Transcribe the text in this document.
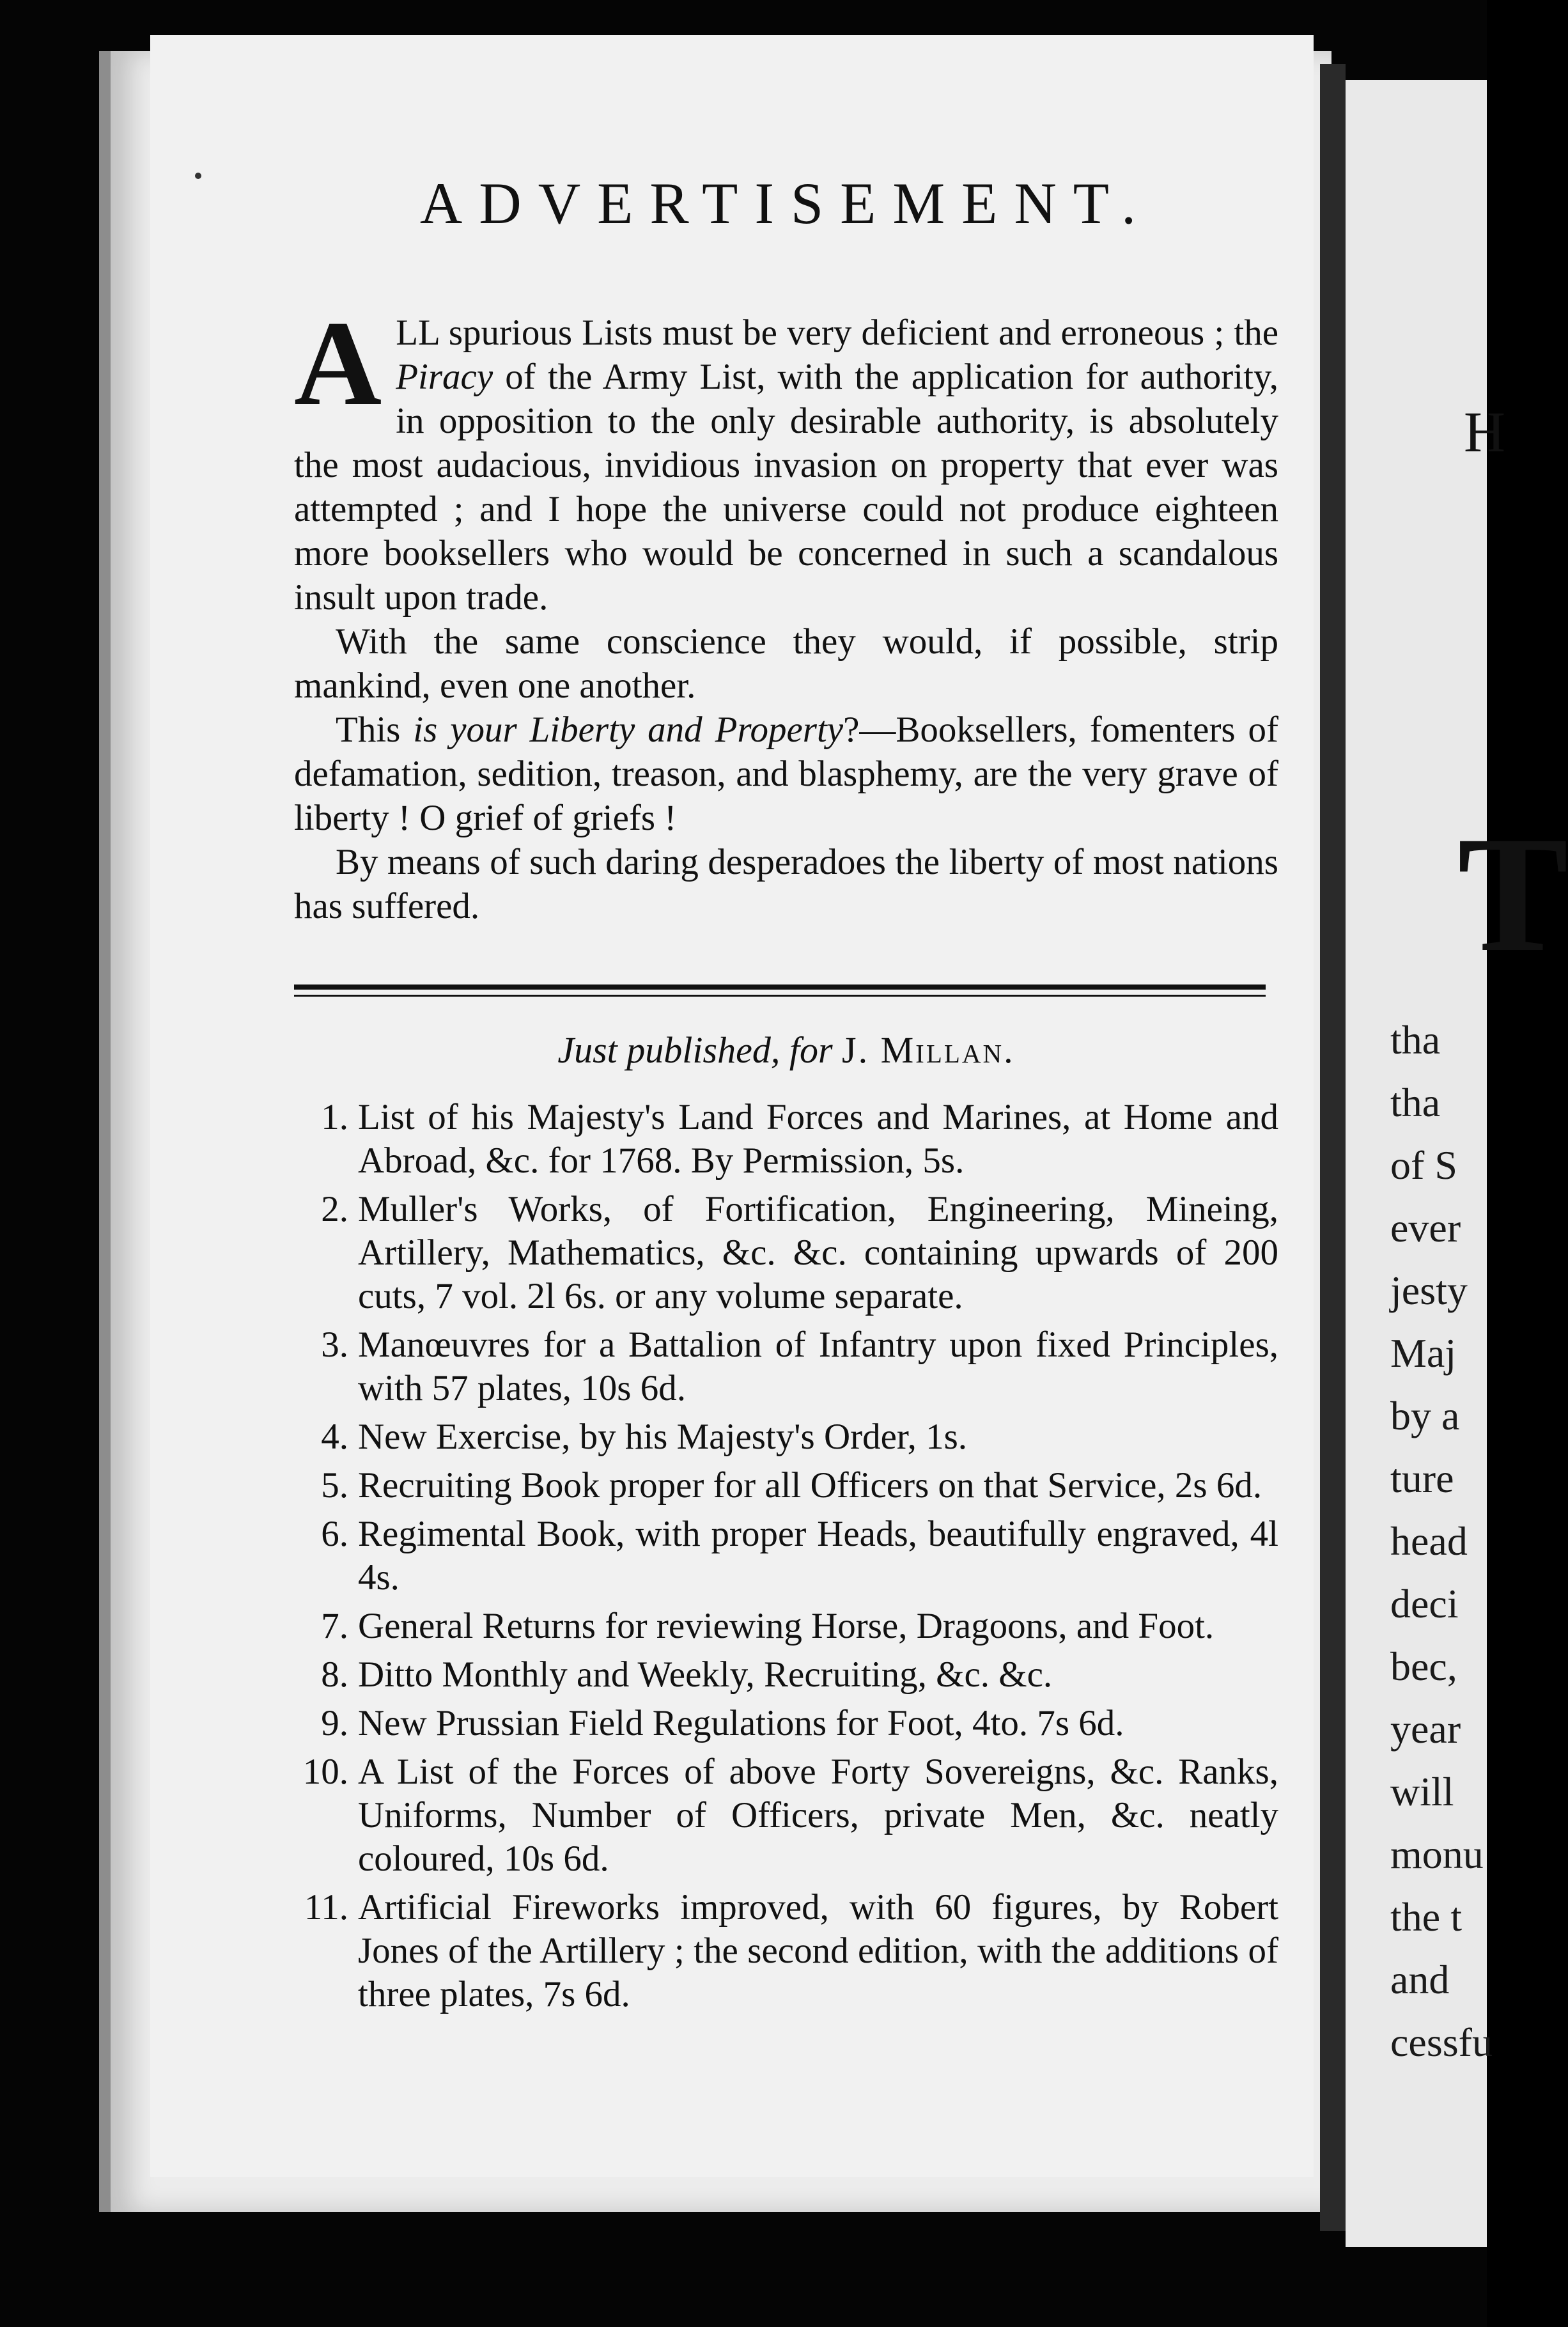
H
T
tha
tha
of S
ever
jesty
Maj
by a
ture
head
deci
bec,
year
will
monu
the t
and
cessfu
ADVERTISEMENT.

ALL spurious Lists must be very deficient and erroneous ; the Piracy of the Army List, with the application for authority, in opposition to the only desirable authority, is absolutely the most audacious, invidious invasion on property that ever was attempted ; and I hope the universe could not produce eighteen more booksellers who would be concerned in such a scandalous insult upon trade.

With the same conscience they would, if possible, strip mankind, even one another.

This is your Liberty and Property?—Booksellers, fomenters of defamation, sedition, treason, and blasphemy, are the very grave of liberty ! O grief of griefs !

By means of such daring desperadoes the liberty of most nations has suffered.

Just published, for J. Millan.
1. List of his Majesty's Land Forces and Marines, at Home and Abroad, &c. for 1768. By Permission, 5s.
2. Muller's Works, of Fortification, Engineering, Mineing, Artillery, Mathematics, &c. &c. containing upwards of 200 cuts, 7 vol. 2l 6s. or any volume separate.
3. Manœuvres for a Battalion of Infantry upon fixed Principles, with 57 plates, 10s 6d.
4. New Exercise, by his Majesty's Order, 1s.
5. Recruiting Book proper for all Officers on that Service, 2s 6d.
6. Regimental Book, with proper Heads, beautifully engraved, 4l 4s.
7. General Returns for reviewing Horse, Dragoons, and Foot.
8. Ditto Monthly and Weekly, Recruiting, &c. &c.
9. New Prussian Field Regulations for Foot, 4to. 7s 6d.
10. A List of the Forces of above Forty Sovereigns, &c. Ranks, Uniforms, Number of Officers, private Men, &c. neatly coloured, 10s 6d.
11. Artificial Fireworks improved, with 60 figures, by Robert Jones of the Artillery ; the second edition, with the additions of three plates, 7s 6d.
